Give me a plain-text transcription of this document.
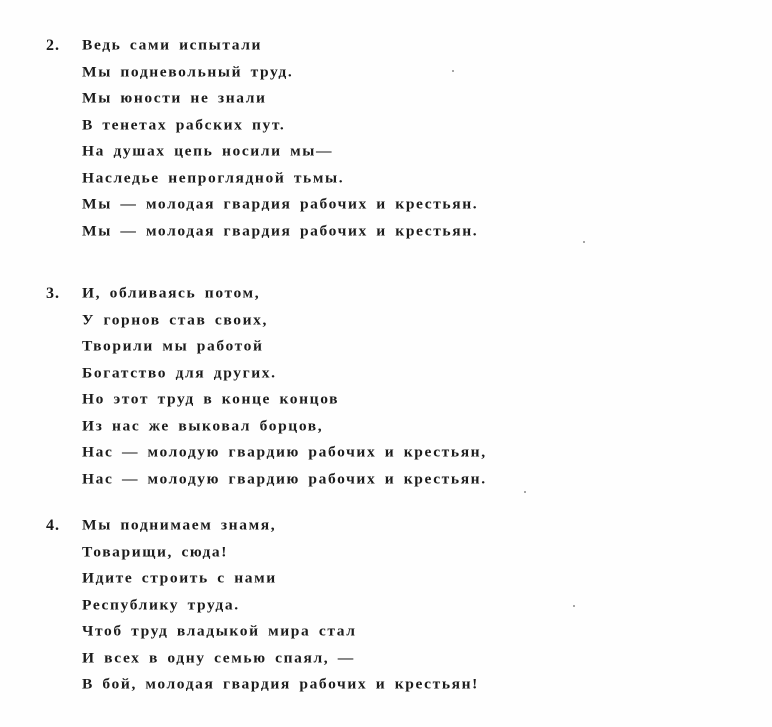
2.	Ведь сами испытали
Мы подневольный труд.
Мы юности не знали
В тенетах рабских пут.
На душах цепь носили мы—
Наследье непроглядной тьмы.
Мы — молодая гвардия рабочих и крестьян.
Мы — молодая гвардия рабочих и крестьян.
3.	И, обливаясь потом,
У горнов став своих,
Творили мы работой
Богатство для других.
Но этот труд в конце концов
Из нас же выковал борцов,
Нас — молодую гвардию рабочих и крестьян,
Нас — молодую гвардию рабочих и крестьян.
4.	Мы поднимаем знамя,
Товарищи, сюда!
Идите строить с нами
Республику труда.
Чтоб труд владыкой мира стал
И всех в одну семью спаял, —
В бой, молодая гвардия рабочих и крестьян!
